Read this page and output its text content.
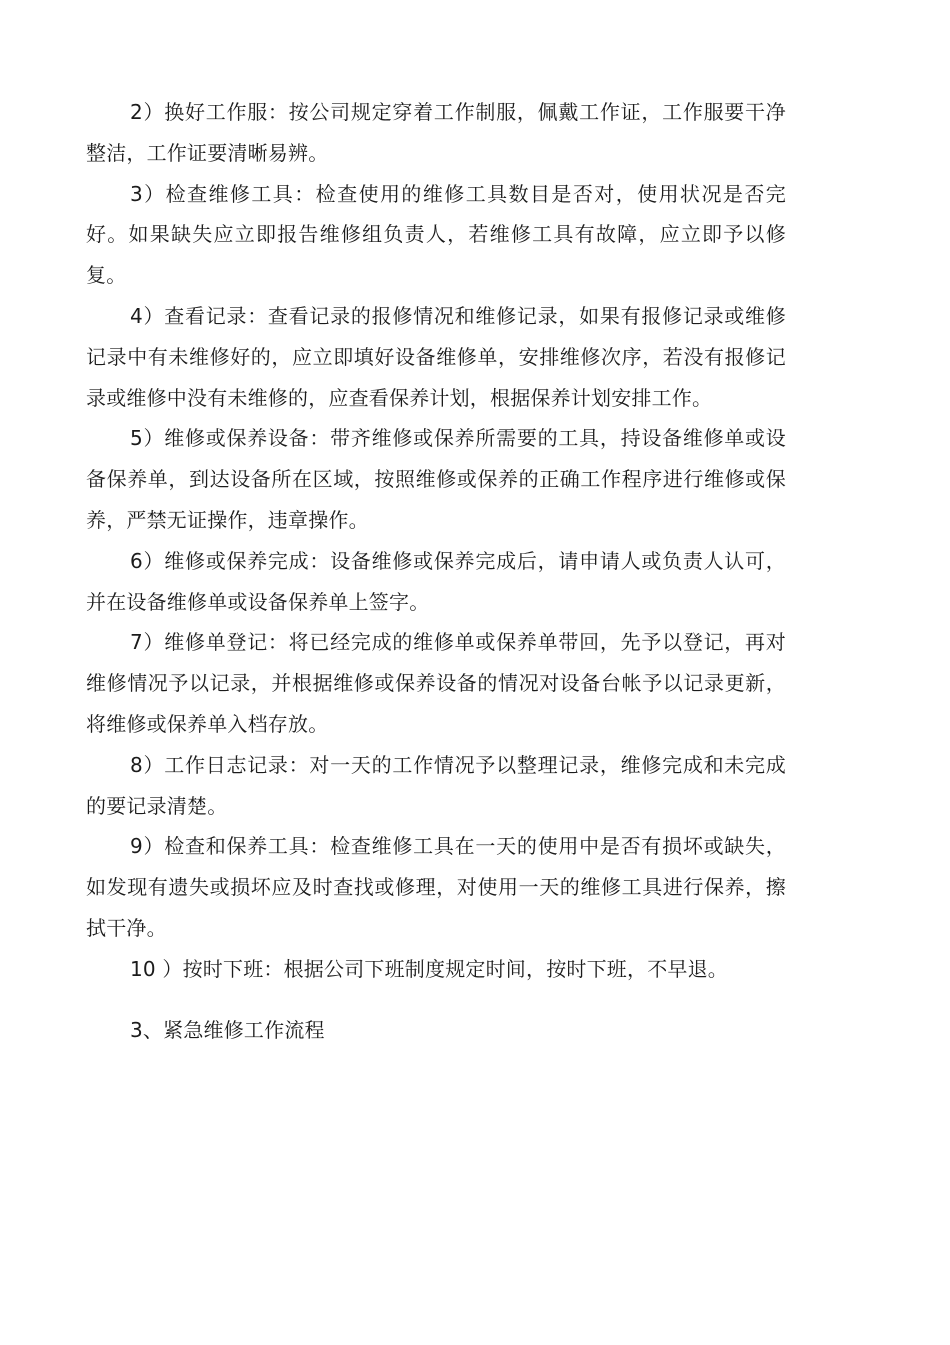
2）换好工作服：按公司规定穿着工作制服，佩戴工作证，工作服要干净整洁，工作证要清晰易辨。

3）检查维修工具：检查使用的维修工具数目是否对，使用状况是否完好。如果缺失应立即报告维修组负责人，若维修工具有故障，应立即予以修复。

4）查看记录：查看记录的报修情况和维修记录，如果有报修记录或维修记录中有未维修好的，应立即填好设备维修单，安排维修次序，若没有报修记录或维修中没有未维修的，应查看保养计划，根据保养计划安排工作。

5）维修或保养设备：带齐维修或保养所需要的工具，持设备维修单或设备保养单，到达设备所在区域，按照维修或保养的正确工作程序进行维修或保养，严禁无证操作，违章操作。

6）维修或保养完成：设备维修或保养完成后，请申请人或负责人认可，并在设备维修单或设备保养单上签字。

7）维修单登记：将已经完成的维修单或保养单带回，先予以登记，再对维修情况予以记录，并根据维修或保养设备的情况对设备台帐予以记录更新，将维修或保养单入档存放。

8）工作日志记录：对一天的工作情况予以整理记录，维修完成和未完成的要记录清楚。

9）检查和保养工具：检查维修工具在一天的使用中是否有损坏或缺失，如发现有遗失或损坏应及时查找或修理，对使用一天的维修工具进行保养，擦拭干净。

10 ）按时下班：根据公司下班制度规定时间，按时下班，不早退。

3、紧急维修工作流程
